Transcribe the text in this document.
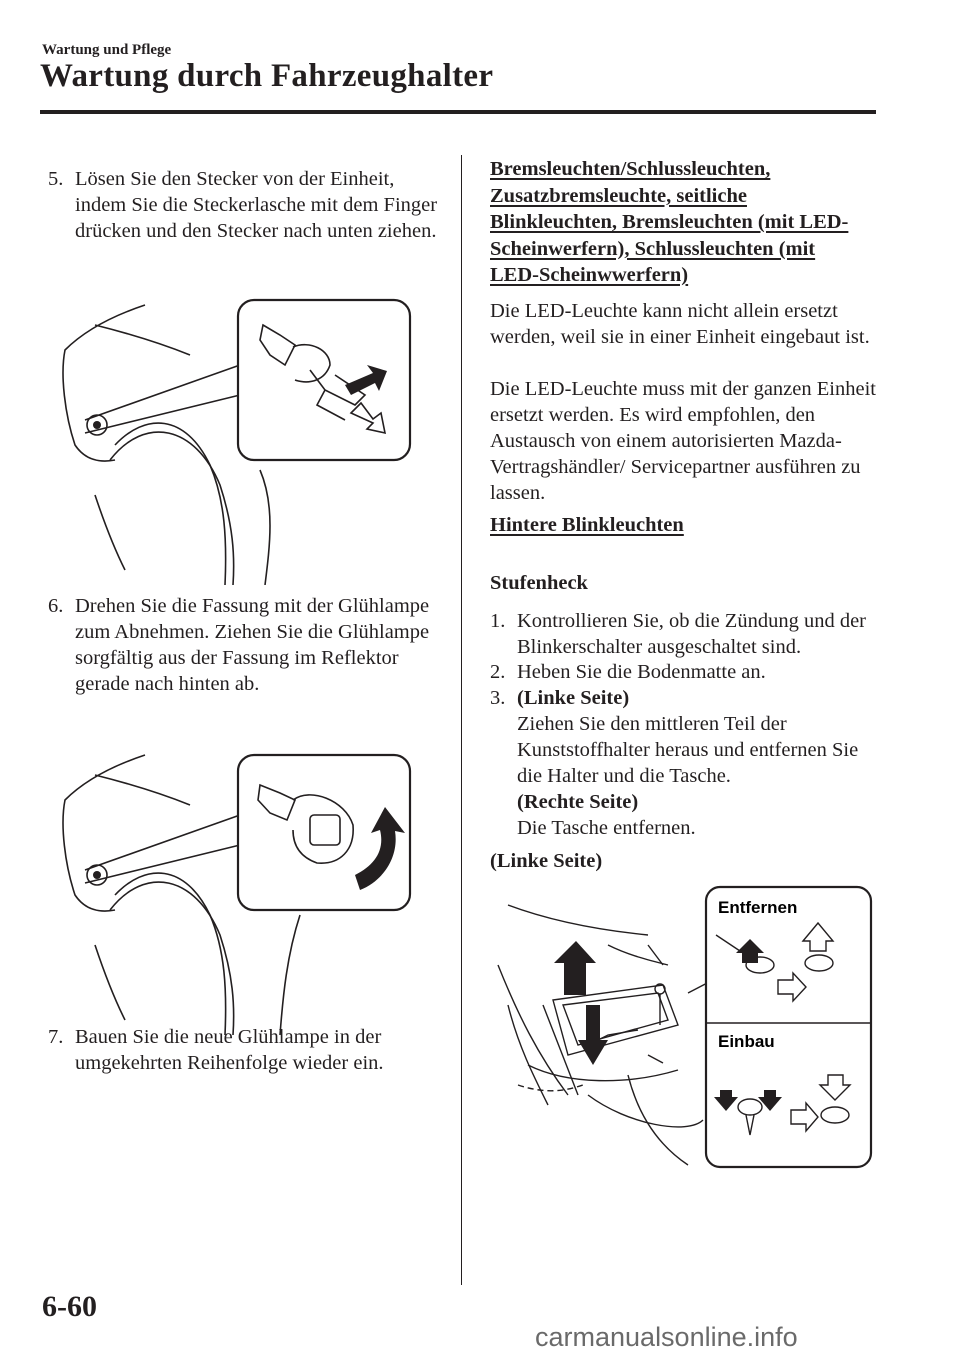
Wartung und Pflege
Wartung durch Fahrzeughalter
5. Lösen Sie den Stecker von der Einheit, indem Sie die Steckerlasche mit dem Finger drücken und den Stecker nach unten ziehen.
6. Drehen Sie die Fassung mit der Glühlampe zum Abnehmen. Ziehen Sie die Glühlampe sorgfältig aus der Fassung im Reflektor gerade nach hinten ab.
7. Bauen Sie die neue Glühlampe in der umgekehrten Reihenfolge wieder ein.
Bremsleuchten/Schlussleuchten, Zusatzbremsleuchte, seitliche Blinkleuchten, Bremsleuchten (mit LED-Scheinwerfern), Schlussleuchten (mit LED-Scheinwwerfern)
Die LED-Leuchte kann nicht allein ersetzt werden, weil sie in einer Einheit eingebaut ist.
Die LED-Leuchte muss mit der ganzen Einheit ersetzt werden. Es wird empfohlen, den Austausch von einem autorisierten Mazda-Vertragshändler/ Servicepartner ausführen zu lassen.
Hintere Blinkleuchten
Stufenheck
1. Kontrollieren Sie, ob die Zündung und der Blinkerschalter ausgeschaltet sind.
2. Heben Sie die Bodenmatte an.
3. (Linke Seite)
Ziehen Sie den mittleren Teil der Kunststoffhalter heraus und entfernen Sie die Halter und die Tasche.
(Rechte Seite)
Die Tasche entfernen.
(Linke Seite)
Entfernen
Einbau
6-60
carmanualsonline.info
